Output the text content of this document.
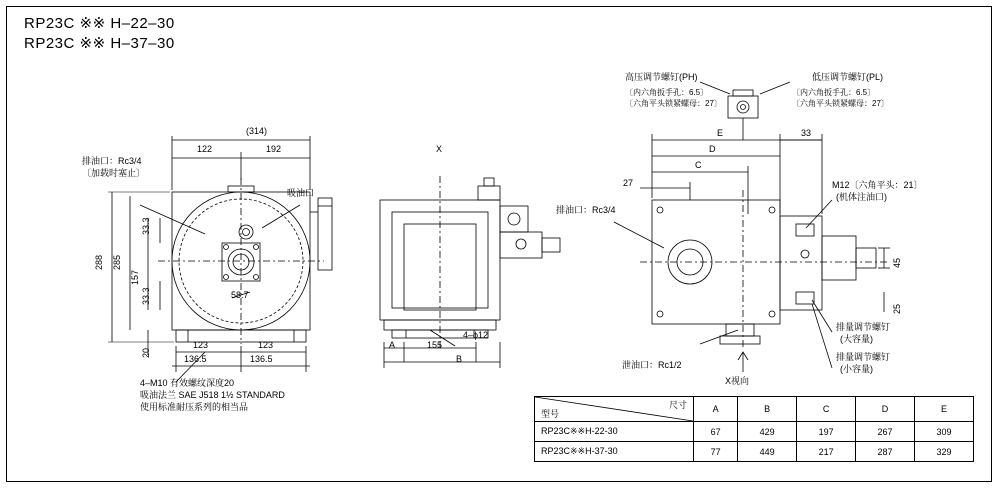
RP23C ※※ H–22–30
RP23C ※※ H–37–30
(314)
122	192
288 285
157
33.3
33.3
20
58.7
123	123
136.5	136.5
排油口：Rc3/4
〔加载时塞止〕
吸油口
4–M10 有效螺纹深度20
吸油法兰 SAE J518 1½ STANDARD
使用标准耐压系列的相当品
X
A	155
B
4–ϕ12
高压调节螺钉(PH)
〔内六角扳手孔：6.5〕
〔六角平头锁紧螺母：27〕
低压调节螺钉(PL)
〔内六角扳手孔：6.5〕
〔六角平头锁紧螺母：27〕
E
D
C
33
27
45
25
排油口：Rc3/4
泄油口：Rc1/2
M12〔六角平头：21〕
(机体注油口)
排量调节螺钉
(大容量)
排量调节螺钉
(小容量)
X视向
型号
尺寸	A	B	C	D	E
RP23C※※H-22-30	67	429	197	267	309
RP23C※※H-37-30	77	449	217	287	329
